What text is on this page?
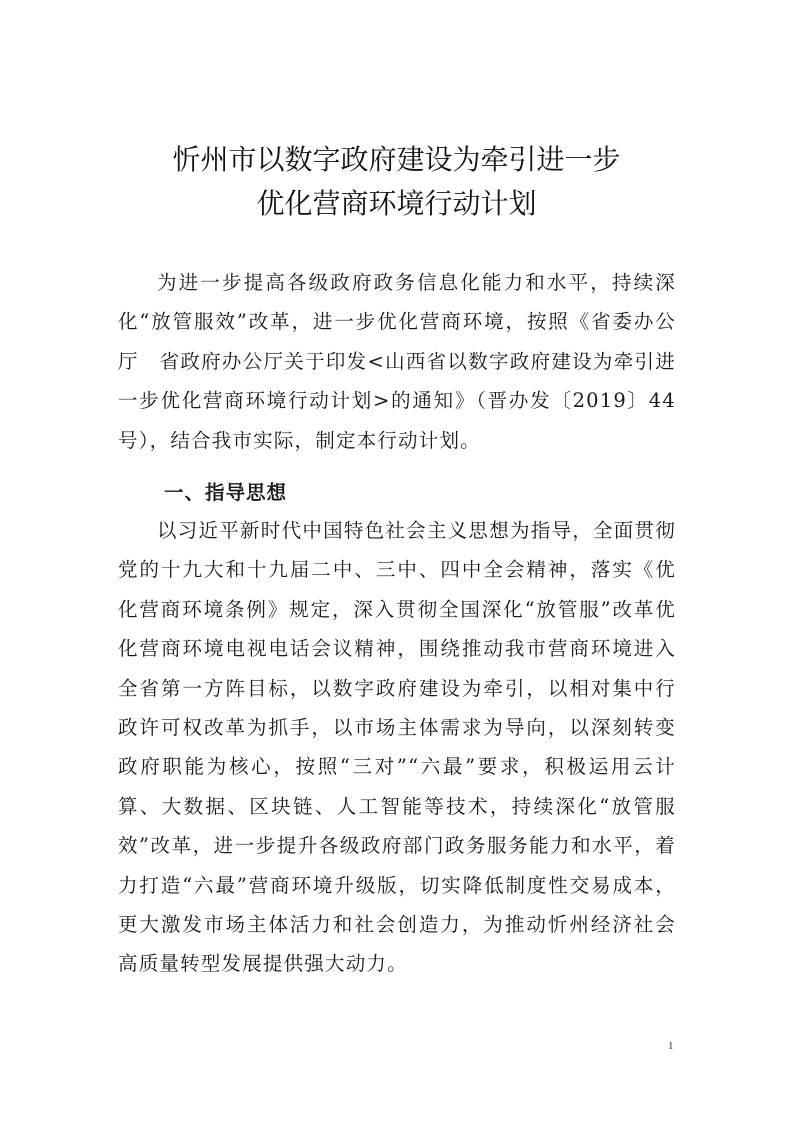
忻州市以数字政府建设为牵引进一步
优化营商环境行动计划

为进一步提高各级政府政务信息化能力和水平，持续深化“放管服效”改革，进一步优化营商环境，按照《省委办公厅　省政府办公厅关于印发<山西省以数字政府建设为牵引进一步优化营商环境行动计划>的通知》（晋办发〔2019〕44号），结合我市实际，制定本行动计划。

一、指导思想

以习近平新时代中国特色社会主义思想为指导，全面贯彻党的十九大和十九届二中、三中、四中全会精神，落实《优化营商环境条例》规定，深入贯彻全国深化“放管服”改革优化营商环境电视电话会议精神，围绕推动我市营商环境进入全省第一方阵目标，以数字政府建设为牵引，以相对集中行政许可权改革为抓手，以市场主体需求为导向，以深刻转变政府职能为核心，按照“三对”“六最”要求，积极运用云计算、大数据、区块链、人工智能等技术，持续深化“放管服效”改革，进一步提升各级政府部门政务服务能力和水平，着力打造“六最”营商环境升级版，切实降低制度性交易成本，更大激发市场主体活力和社会创造力，为推动忻州经济社会高质量转型发展提供强大动力。

1
